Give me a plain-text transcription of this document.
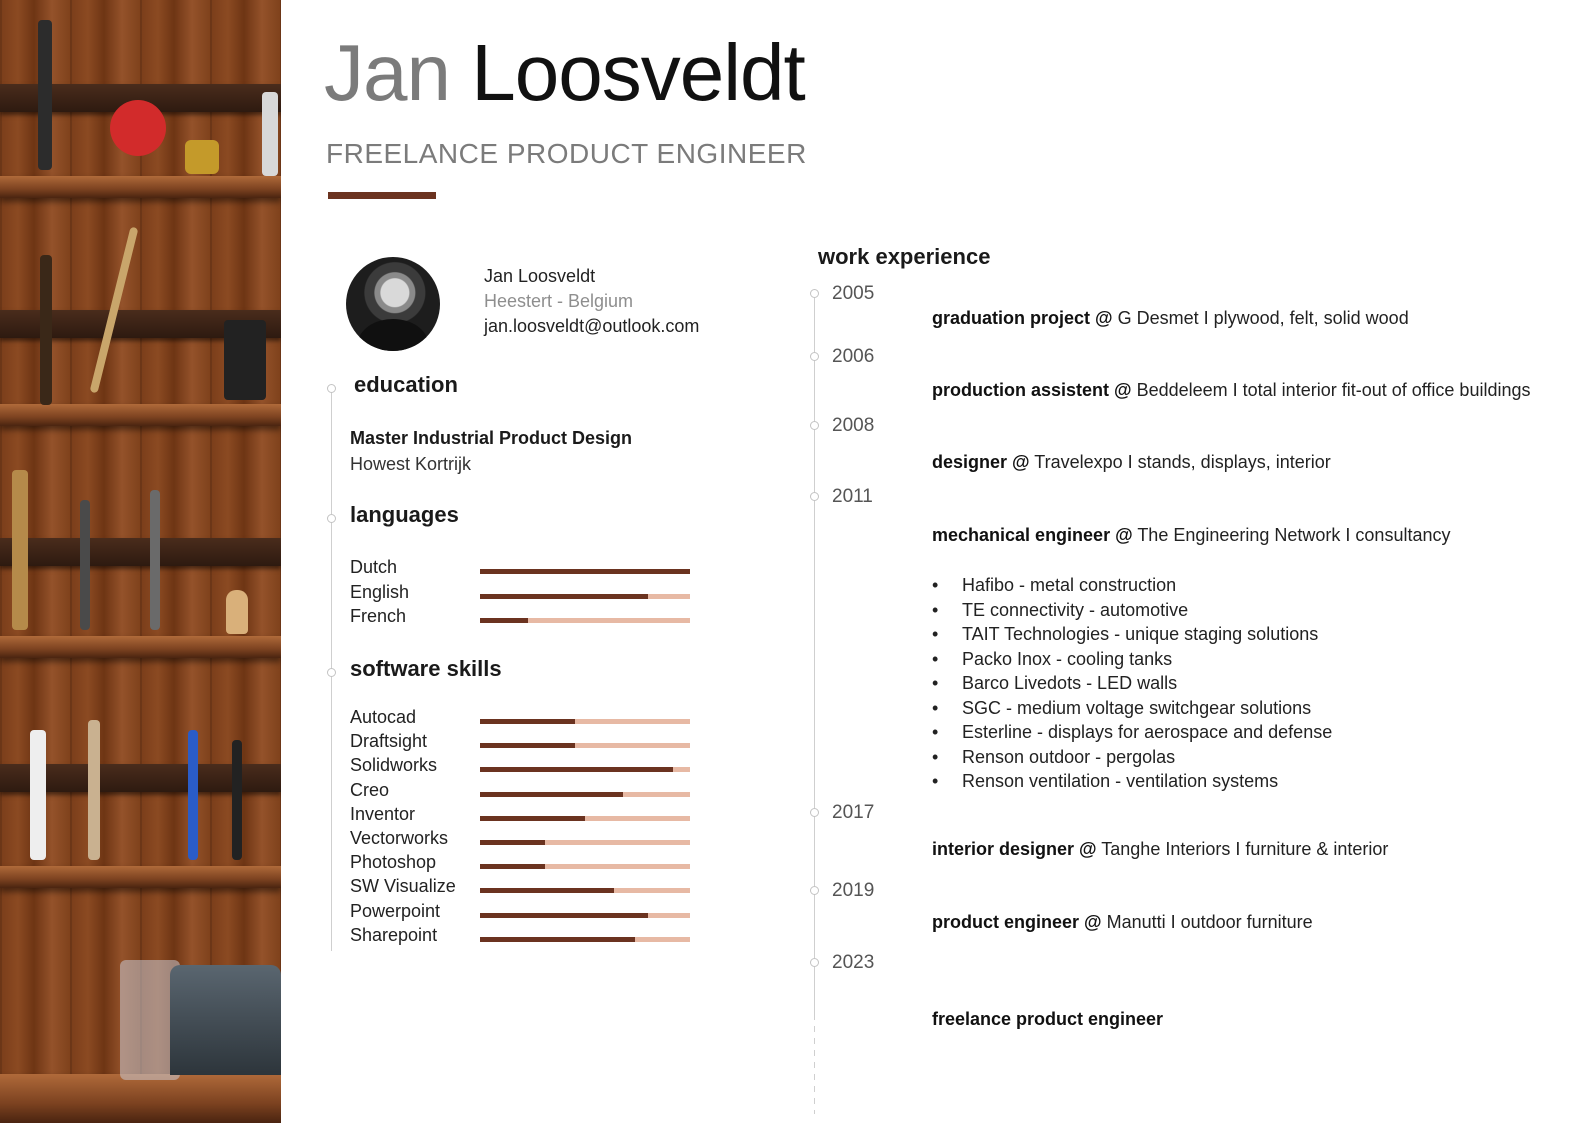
Jan Loosveldt
FREELANCE PRODUCT ENGINEER
Jan Loosveldt
Heestert - Belgium
jan.loosveldt@outlook.com
education
Master Industrial Product Design
Howest Kortrijk
languages
Dutch
English
French
software skills
Autocad
Draftsight
Solidworks
Creo
Inventor
Vectorworks
Photoshop
SW Visualize
Powerpoint
Sharepoint
work experience
2005
graduation project @ G Desmet I plywood, felt, solid wood
2006
production assistent @ Beddeleem I total interior fit-out of office buildings
2008
designer @ Travelexpo I stands, displays, interior
2011
mechanical engineer @ The Engineering Network I consultancy
2017
interior designer @ Tanghe Interiors I furniture & interior
2019
product engineer @ Manutti I outdoor furniture
2023
freelance product engineer
• Hafibo - metal construction
• TE connectivity - automotive
• TAIT Technologies - unique staging solutions
• Packo Inox - cooling tanks
• Barco Livedots - LED walls
• SGC - medium voltage switchgear solutions
• Esterline - displays for aerospace and defense
• Renson outdoor - pergolas
• Renson ventilation - ventilation systems
